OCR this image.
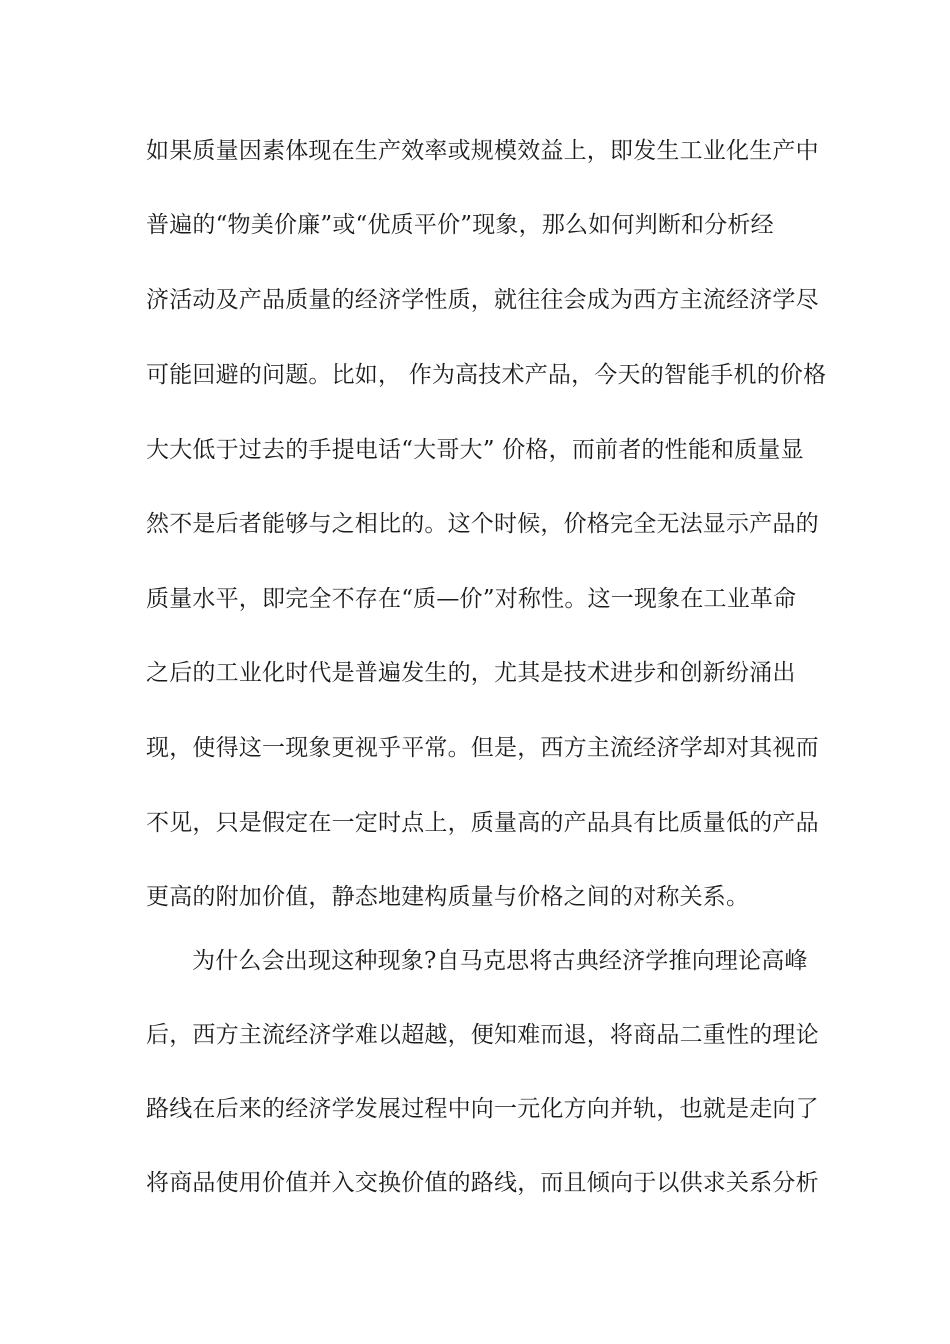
如果质量因素体现在生产效率或规模效益上，即发生工业化生产中
普遍的“物美价廉”或“优质平价”现象，那么如何判断和分析经
济活动及产品质量的经济学性质，就往往会成为西方主流经济学尽
可能回避的问题。比如， 作为高技术产品，今天的智能手机的价格
大大低于过去的手提电话“大哥大” 价格，而前者的性能和质量显
然不是后者能够与之相比的。这个时候，价格完全无法显示产品的
质量水平，即完全不存在“质—价”对称性。这一现象在工业革命
之后的工业化时代是普遍发生的，尤其是技术进步和创新纷涌出
现，使得这一现象更视乎平常。但是，西方主流经济学却对其视而
不见，只是假定在一定时点上，质量高的产品具有比质量低的产品
更高的附加价值，静态地建构质量与价格之间的对称关系。
为什么会出现这种现象?自马克思将古典经济学推向理论高峰
后，西方主流经济学难以超越，便知难而退，将商品二重性的理论
路线在后来的经济学发展过程中向一元化方向并轨，也就是走向了
将商品使用价值并入交换价值的路线，而且倾向于以供求关系分析
